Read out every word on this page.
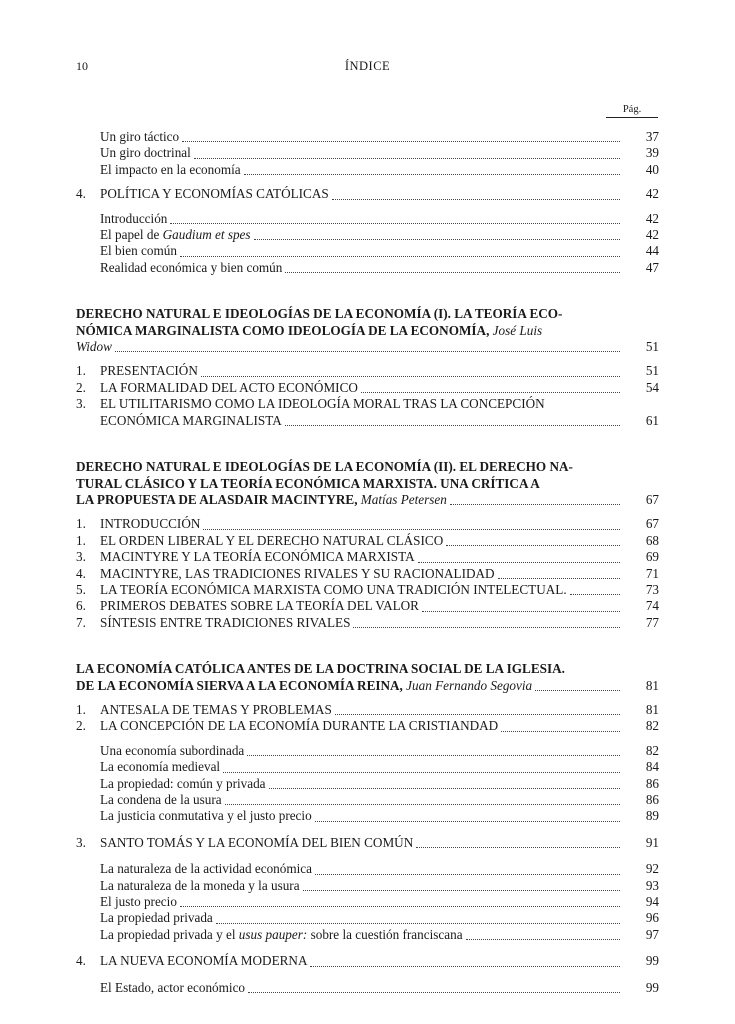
10	ÍNDICE
Pág.
Un giro táctico	37
Un giro doctrinal	39
El impacto en la economía	40
4.	POLÍTICA Y ECONOMÍAS CATÓLICAS	42
Introducción	42
El papel de Gaudium et spes	42
El bien común	44
Realidad económica y bien común	47
DERECHO NATURAL E IDEOLOGÍAS DE LA ECONOMÍA (I). LA TEORÍA ECO-
NÓMICA MARGINALISTA COMO IDEOLOGÍA DE LA ECONOMÍA, José Luis
Widow	51
1.	PRESENTACIÓN	51
2.	LA FORMALIDAD DEL ACTO ECONÓMICO	54
3.	EL UTILITARISMO COMO LA IDEOLOGÍA MORAL TRAS LA CONCEPCIÓN
ECONÓMICA MARGINALISTA	61
DERECHO NATURAL E IDEOLOGÍAS DE LA ECONOMÍA (II). EL DERECHO NA-
TURAL CLÁSICO Y LA TEORÍA ECONÓMICA MARXISTA. UNA CRÍTICA A
LA PROPUESTA DE ALASDAIR MACINTYRE, Matías Petersen	67
1.	INTRODUCCIÓN	67
1.	EL ORDEN LIBERAL Y EL DERECHO NATURAL CLÁSICO	68
3.	MACINTYRE Y LA TEORÍA ECONÓMICA MARXISTA	69
4.	MACINTYRE, LAS TRADICIONES RIVALES Y SU RACIONALIDAD	71
5.	LA TEORÍA ECONÓMICA MARXISTA COMO UNA TRADICIÓN INTELECTUAL.	73
6.	PRIMEROS DEBATES SOBRE LA TEORÍA DEL VALOR	74
7.	SÍNTESIS ENTRE TRADICIONES RIVALES	77
LA ECONOMÍA CATÓLICA ANTES DE LA DOCTRINA SOCIAL DE LA IGLESIA.
DE LA ECONOMÍA SIERVA A LA ECONOMÍA REINA, Juan Fernando Segovia	81
1.	ANTESALA DE TEMAS Y PROBLEMAS	81
2.	LA CONCEPCIÓN DE LA ECONOMÍA DURANTE LA CRISTIANDAD	82
Una economía subordinada	82
La economía medieval	84
La propiedad: común y privada	86
La condena de la usura	86
La justicia conmutativa y el justo precio	89
3.	SANTO TOMÁS Y LA ECONOMÍA DEL BIEN COMÚN	91
La naturaleza de la actividad económica	92
La naturaleza de la moneda y la usura	93
El justo precio	94
La propiedad privada	96
La propiedad privada y el usus pauper: sobre la cuestión franciscana	97
4.	LA NUEVA ECONOMÍA MODERNA	99
El Estado, actor económico	99
